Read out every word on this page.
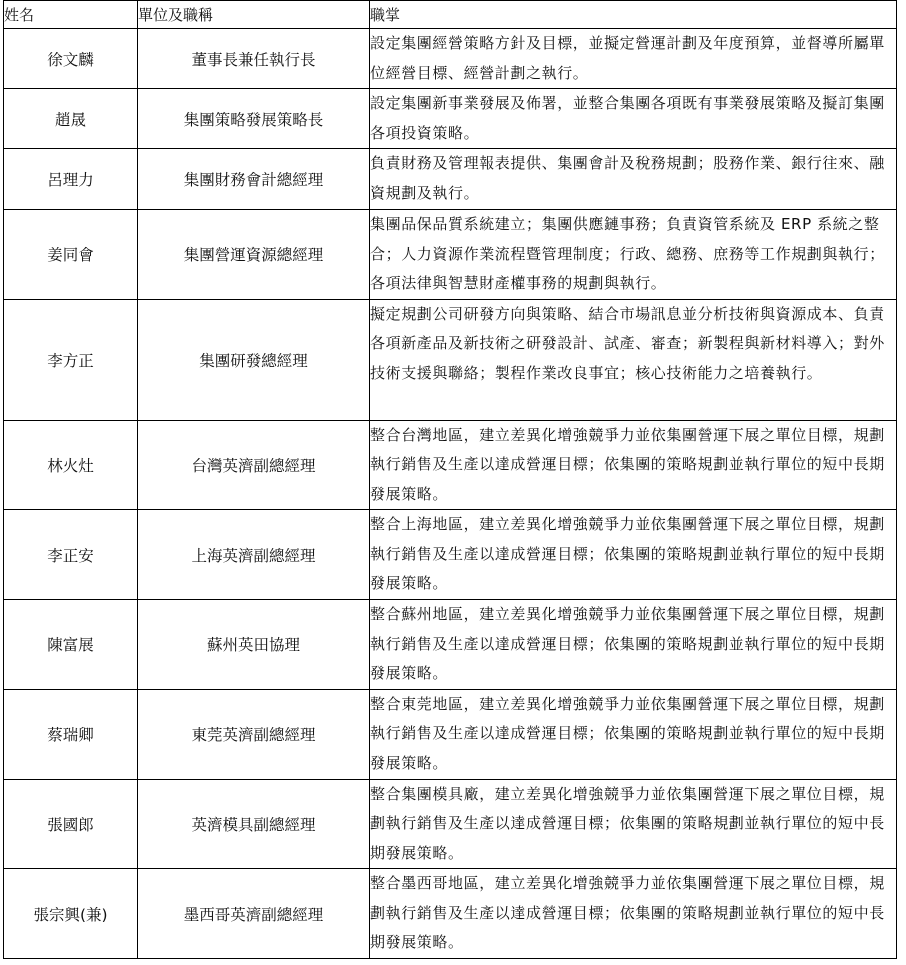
姓名	單位及職稱	職掌
徐文麟	董事長兼任執行長	設定集團經營策略方針及目標，並擬定營運計劃及年度預算，並督導所屬單位經營目標、經營計劃之執行。
趙晟	集團策略發展策略長	設定集團新事業發展及佈署，並整合集團各項既有事業發展策略及擬訂集團各項投資策略。
呂理力	集團財務會計總經理	負責財務及管理報表提供、集團會計及稅務規劃；股務作業、銀行往來、融資規劃及執行。
姜同會	集團營運資源總經理	集團品保品質系統建立；集團供應鏈事務；負責資管系統及 ERP 系統之整合；人力資源作業流程暨管理制度；行政、總務、庶務等工作規劃與執行；各項法律與智慧財產權事務的規劃與執行。
李方正	集團研發總經理	擬定規劃公司研發方向與策略、結合市場訊息並分析技術與資源成本、負責各項新產品及新技術之研發設計、試產、審查；新製程與新材料導入；對外技術支援與聯絡；製程作業改良事宜；核心技術能力之培養執行。
林火灶	台灣英濟副總經理	整合台灣地區，建立差異化增強競爭力並依集團營運下展之單位目標，規劃執行銷售及生產以達成營運目標；依集團的策略規劃並執行單位的短中長期發展策略。
李正安	上海英濟副總經理	整合上海地區，建立差異化增強競爭力並依集團營運下展之單位目標，規劃執行銷售及生產以達成營運目標；依集團的策略規劃並執行單位的短中長期發展策略。
陳富展	蘇州英田協理	整合蘇州地區，建立差異化增強競爭力並依集團營運下展之單位目標，規劃執行銷售及生產以達成營運目標；依集團的策略規劃並執行單位的短中長期發展策略。
蔡瑞卿	東莞英濟副總經理	整合東莞地區，建立差異化增強競爭力並依集團營運下展之單位目標，規劃執行銷售及生產以達成營運目標；依集團的策略規劃並執行單位的短中長期發展策略。
張國郎	英濟模具副總經理	整合集團模具廠，建立差異化增強競爭力並依集團營運下展之單位目標，規劃執行銷售及生產以達成營運目標；依集團的策略規劃並執行單位的短中長期發展策略。
張宗興(兼)	墨西哥英濟副總經理	整合墨西哥地區，建立差異化增強競爭力並依集團營運下展之單位目標，規劃執行銷售及生產以達成營運目標；依集團的策略規劃並執行單位的短中長期發展策略。
